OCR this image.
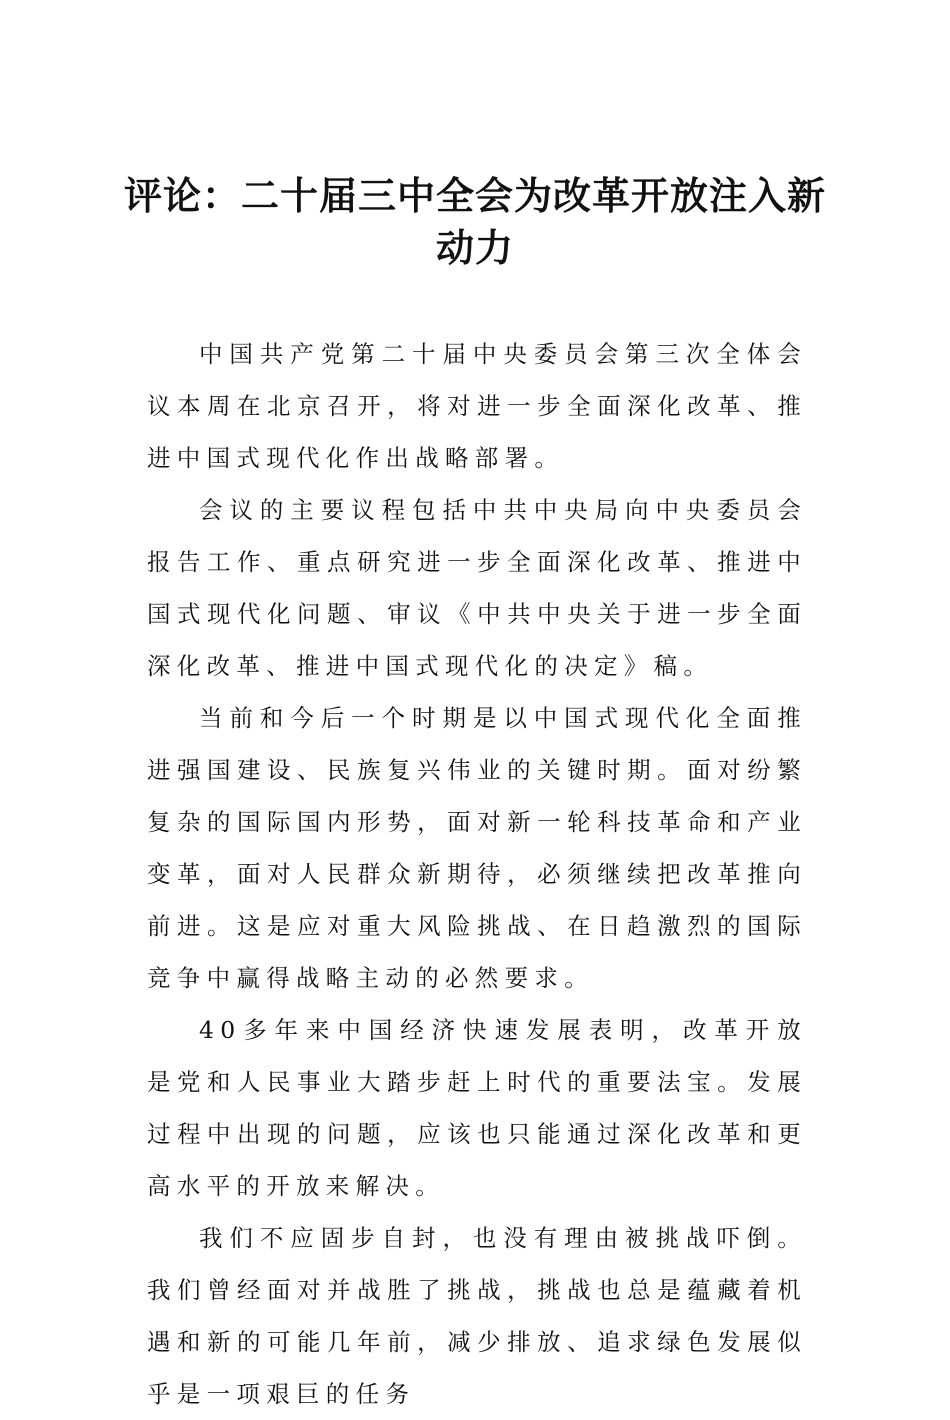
评论：二十届三中全会为改革开放注入新动力

中国共产党第二十届中央委员会第三次全体会议本周在北京召开，将对进一步全面深化改革、推进中国式现代化作出战略部署。

会议的主要议程包括中共中央局向中央委员会报告工作、重点研究进一步全面深化改革、推进中国式现代化问题、审议《中共中央关于进一步全面深化改革、推进中国式现代化的决定》稿。

当前和今后一个时期是以中国式现代化全面推进强国建设、民族复兴伟业的关键时期。面对纷繁复杂的国际国内形势，面对新一轮科技革命和产业变革，面对人民群众新期待，必须继续把改革推向前进。这是应对重大风险挑战、在日趋激烈的国际竞争中赢得战略主动的必然要求。

40多年来中国经济快速发展表明，改革开放是党和人民事业大踏步赶上时代的重要法宝。发展过程中出现的问题，应该也只能通过深化改革和更高水平的开放来解决。

我们不应固步自封，也没有理由被挑战吓倒。我们曾经面对并战胜了挑战，挑战也总是蕴藏着机遇和新的可能几年前，减少排放、追求绿色发展似乎是一项艰巨的任务
